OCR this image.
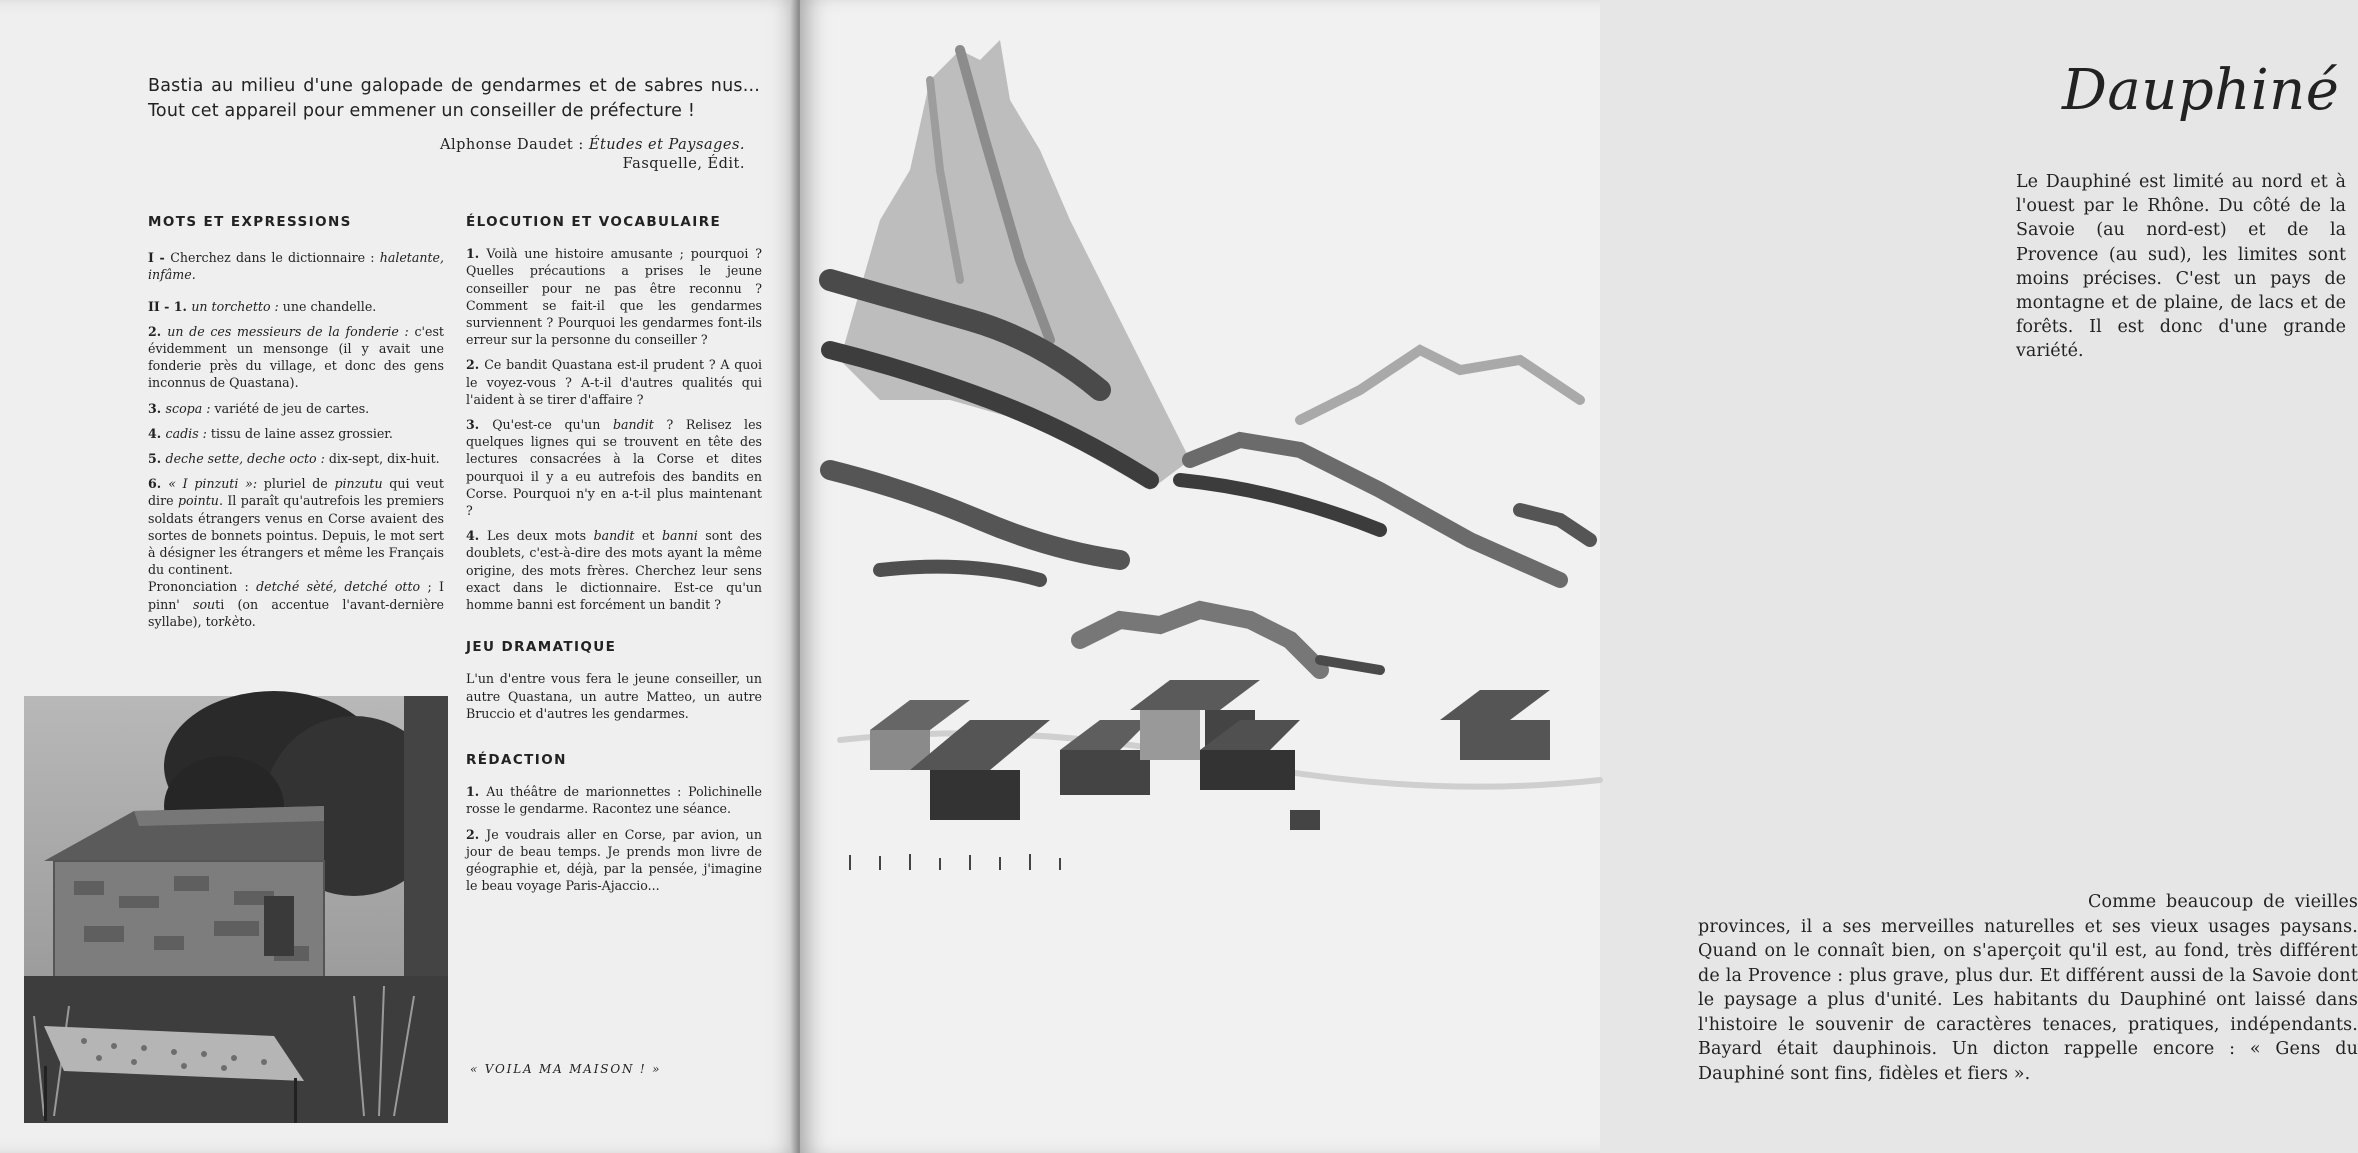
Bastia au milieu d'une galopade de gendarmes et de sabres nus... Tout cet appareil pour emmener un conseiller de préfecture !

Alphonse Daudet : Études et Paysages.
Fasquelle, Édit.
MOTS ET EXPRESSIONS

I - Cherchez dans le dictionnaire : haletante, infâme.

II - 1. un torchetto : une chandelle.

2. un de ces messieurs de la fonderie : c'est évidemment un mensonge (il y avait une fonderie près du village, et donc des gens inconnus de Quastana).

3. scopa : variété de jeu de cartes.

4. cadis : tissu de laine assez grossier.

5. deche sette, deche octo : dix-sept, dix-huit.

6. « I pinzuti »: pluriel de pinzutu qui veut dire pointu. Il paraît qu'autrefois les premiers soldats étrangers venus en Corse avaient des sortes de bonnets pointus. Depuis, le mot sert à désigner les étrangers et même les Français du continent.

Prononciation : detché sèté, detché otto ; I pinn' souti (on accentue l'avant-dernière syllabe), torkèto.

ÉLOCUTION ET VOCABULAIRE

1. Voilà une histoire amusante ; pourquoi ? Quelles précautions a prises le jeune conseiller pour ne pas être reconnu ? Comment se fait-il que les gendarmes surviennent ? Pourquoi les gendarmes font-ils erreur sur la personne du conseiller ?

2. Ce bandit Quastana est-il prudent ? A quoi le voyez-vous ? A-t-il d'autres qualités qui l'aident à se tirer d'affaire ?

3. Qu'est-ce qu'un bandit ? Relisez les quelques lignes qui se trouvent en tête des lectures consacrées à la Corse et dites pourquoi il y a eu autrefois des bandits en Corse. Pourquoi n'y en a-t-il plus maintenant ?

4. Les deux mots bandit et banni sont des doublets, c'est-à-dire des mots ayant la même origine, des mots frères. Cherchez leur sens exact dans le dictionnaire. Est-ce qu'un homme banni est forcément un bandit ?

JEU DRAMATIQUE

L'un d'entre vous fera le jeune conseiller, un autre Quastana, un autre Matteo, un autre Bruccio et d'autres les gendarmes.

RÉDACTION

1. Au théâtre de marionnettes : Polichinelle rosse le gendarme. Racontez une séance.

2. Je voudrais aller en Corse, par avion, un jour de beau temps. Je prends mon livre de géographie et, déjà, par la pensée, j'imagine le beau voyage Paris-Ajaccio...

« VOILA MA MAISON ! »
Dauphiné

Le Dauphiné est limité au nord et à l'ouest par le Rhône. Du côté de la Savoie (au nord-est) et de la Provence (au sud), les limites sont moins précises. C'est un pays de montagne et de plaine, de lacs et de forêts. Il est donc d'une grande variété.

Comme beaucoup de vieilles provinces, il a ses merveilles naturelles et ses vieux usages paysans. Quand on le connaît bien, on s'aperçoit qu'il est, au fond, très différent de la Provence : plus grave, plus dur. Et différent aussi de la Savoie dont le paysage a plus d'unité. Les habitants du Dauphiné ont laissé dans l'histoire le souvenir de caractères tenaces, pratiques, indépendants. Bayard était dauphinois. Un dicton rappelle encore : « Gens du Dauphiné sont fins, fidèles et fiers ».
